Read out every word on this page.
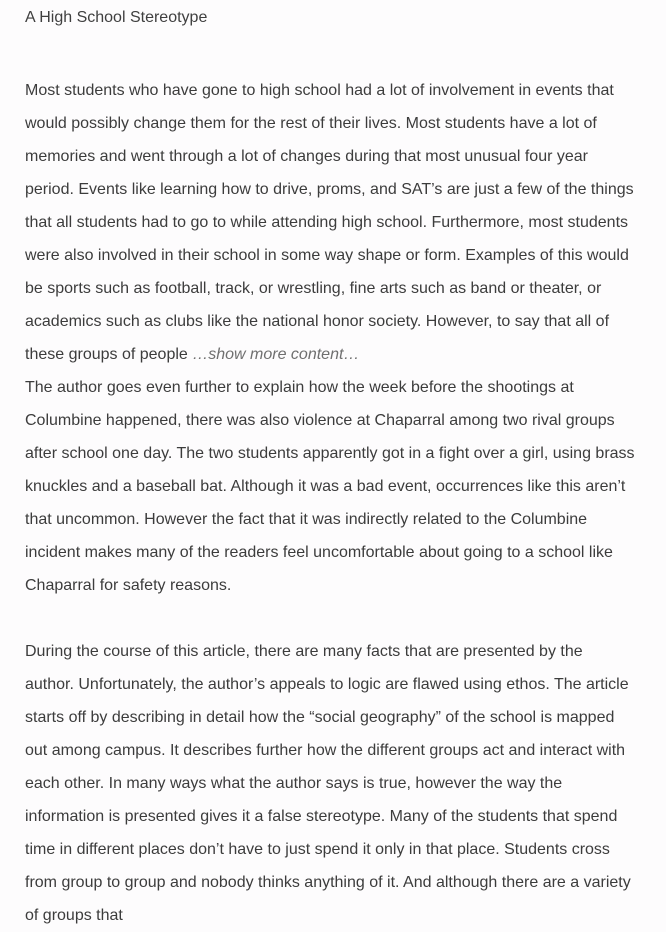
A High School Stereotype

Most students who have gone to high school had a lot of involvement in events that would possibly change them for the rest of their lives. Most students have a lot of memories and went through a lot of changes during that most unusual four year period. Events like learning how to drive, proms, and SAT’s are just a few of the things that all students had to go to while attending high school. Furthermore, most students were also involved in their school in some way shape or form. Examples of this would be sports such as football, track, or wrestling, fine arts such as band or theater, or academics such as clubs like the national honor society. However, to say that all of these groups of people …show more content…

The author goes even further to explain how the week before the shootings at Columbine happened, there was also violence at Chaparral among two rival groups after school one day. The two students apparently got in a fight over a girl, using brass knuckles and a baseball bat. Although it was a bad event, occurrences like this aren’t that uncommon. However the fact that it was indirectly related to the Columbine incident makes many of the readers feel uncomfortable about going to a school like Chaparral for safety reasons.

During the course of this article, there are many facts that are presented by the author. Unfortunately, the author’s appeals to logic are flawed using ethos. The article starts off by describing in detail how the “social geography” of the school is mapped out among campus. It describes further how the different groups act and interact with each other. In many ways what the author says is true, however the way the information is presented gives it a false stereotype. Many of the students that spend time in different places don’t have to just spend it only in that place. Students cross from group to group and nobody thinks anything of it. And although there are a variety of groups that
